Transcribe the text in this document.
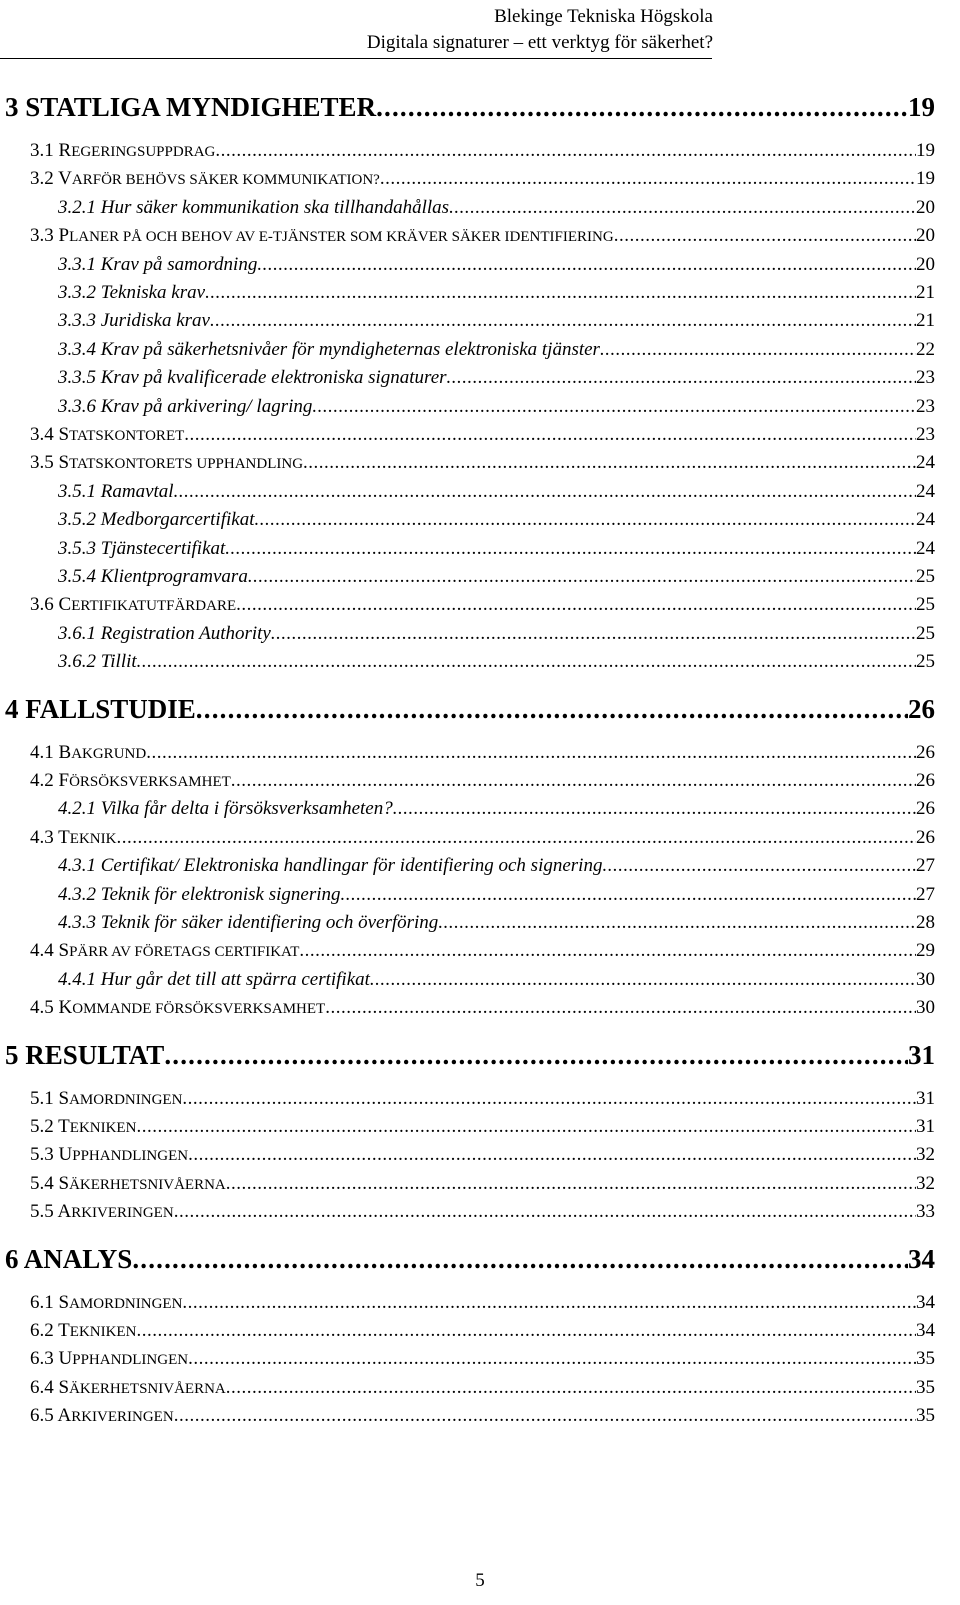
Blekinge Tekniska Högskola
Digitala signaturer – ett verktyg för säkerhet?
3 STATLIGA MYNDIGHETER .....	19
3.1 REGERINGSUPPDRAG .....	19
3.2 VARFÖR BEHÖVS SÄKER KOMMUNIKATION? .....	19
3.2.1 Hur säker kommunikation ska tillhandahållas .....	20
3.3 PLANER PÅ OCH BEHOV AV E-TJÄNSTER SOM KRÄVER SÄKER IDENTIFIERING .....	20
3.3.1 Krav på samordning .....	20
3.3.2 Tekniska krav .....	21
3.3.3 Juridiska krav .....	21
3.3.4 Krav på säkerhetsnivåer för myndigheternas elektroniska tjänster .....	22
3.3.5 Krav på kvalificerade elektroniska signaturer .....	23
3.3.6 Krav på arkivering/ lagring .....	23
3.4 STATSKONTORET .....	23
3.5 STATSKONTORETS UPPHANDLING .....	24
3.5.1 Ramavtal .....	24
3.5.2 Medborgarcertifikat .....	24
3.5.3 Tjänstecertifikat .....	24
3.5.4 Klientprogramvara .....	25
3.6 CERTIFIKATUTFÄRDARE .....	25
3.6.1 Registration Authority .....	25
3.6.2 Tillit .....	25
4 FALLSTUDIE .....	26
4.1 BAKGRUND .....	26
4.2 FÖRSÖKSVERKSAMHET .....	26
4.2.1 Vilka får delta i försöksverksamheten? .....	26
4.3 TEKNIK .....	26
4.3.1 Certifikat/ Elektroniska handlingar för identifiering och signering .....	27
4.3.2 Teknik för elektronisk signering .....	27
4.3.3 Teknik för säker identifiering och överföring .....	28
4.4 SPÄRR AV FÖRETAGS CERTIFIKAT .....	29
4.4.1 Hur går det till att spärra certifikat .....	30
4.5 KOMMANDE FÖRSÖKSVERKSAMHET .....	30
5 RESULTAT .....	31
5.1 SAMORDNINGEN .....	31
5.2 TEKNIKEN .....	31
5.3 UPPHANDLINGEN .....	32
5.4 SÄKERHETSNIVÅERNA .....	32
5.5 ARKIVERINGEN .....	33
6 ANALYS .....	34
6.1 SAMORDNINGEN .....	34
6.2 TEKNIKEN .....	34
6.3 UPPHANDLINGEN .....	35
6.4 SÄKERHETSNIVÅERNA .....	35
6.5 ARKIVERINGEN .....	35
5
